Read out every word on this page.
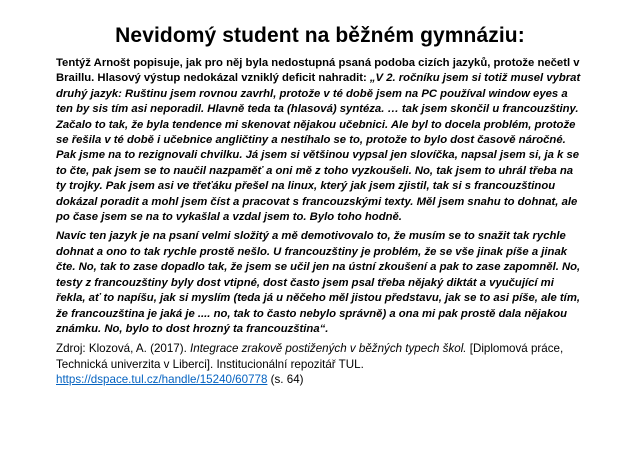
Nevidomý student na běžném gymnáziu:

Tentýž Arnošt popisuje, jak pro něj byla nedostupná psaná podoba cizích jazyků, protože nečetl v Braillu. Hlasový výstup nedokázal vzniklý deficit nahradit: „V 2. ročníku jsem si totiž musel vybrat druhý jazyk: Ruštinu jsem rovnou zavrhl, protože v té době jsem na PC používal window eyes a ten by sis tím asi neporadil. Hlavně teda ta (hlasová) syntéza. … tak jsem skončil u francouzštiny. Začalo to tak, že byla tendence mi skenovat nějakou učebnici. Ale byl to docela problém, protože se řešila v té době i učebnice angličtiny a nestíhalo se to, protože to bylo dost časově náročné. Pak jsme na to rezignovali chvilku. Já jsem si většinou vypsal jen slovíčka, napsal jsem si, ja k se to čte, pak jsem se to naučil nazpaměť a oni mě z toho vyzkoušeli. No, tak jsem to uhrál třeba na ty trojky. Pak jsem asi ve třeťáku přešel na linux, který jak jsem zjistil, tak si s francouzštinou dokázal poradit a mohl jsem číst a pracovat s francouzskými texty. Měl jsem snahu to dohnat, ale po čase jsem se na to vykašlal a vzdal jsem to. Bylo toho hodně.

Navíc ten jazyk je na psaní velmi složitý a mě demotivovalo to, že musím se to snažit tak rychle dohnat a ono to tak rychle prostě nešlo. U francouzštiny je problém, že se vše jinak píše a jinak čte. No, tak to zase dopadlo tak, že jsem se učil jen na ústní zkoušení a pak to zase zapomněl. No, testy z francouzštiny byly dost vtipné, dost často jsem psal třeba nějaký diktát a vyučující mi řekla, ať to napíšu, jak si myslím (teda já u něčeho měl jistou představu, jak se to asi píše, ale tím, že francouzština je jaká je .... no, tak to často nebylo správně) a ona mi pak prostě dala nějakou známku. No, bylo to dost hrozný ta francouzština“.

Zdroj: Klozová, A. (2017). Integrace zrakově postižených v běžných typech škol. [Diplomová práce, Technická univerzita v Liberci]. Institucionální repozitář TUL.
https://dspace.tul.cz/handle/15240/60778 (s. 64)
